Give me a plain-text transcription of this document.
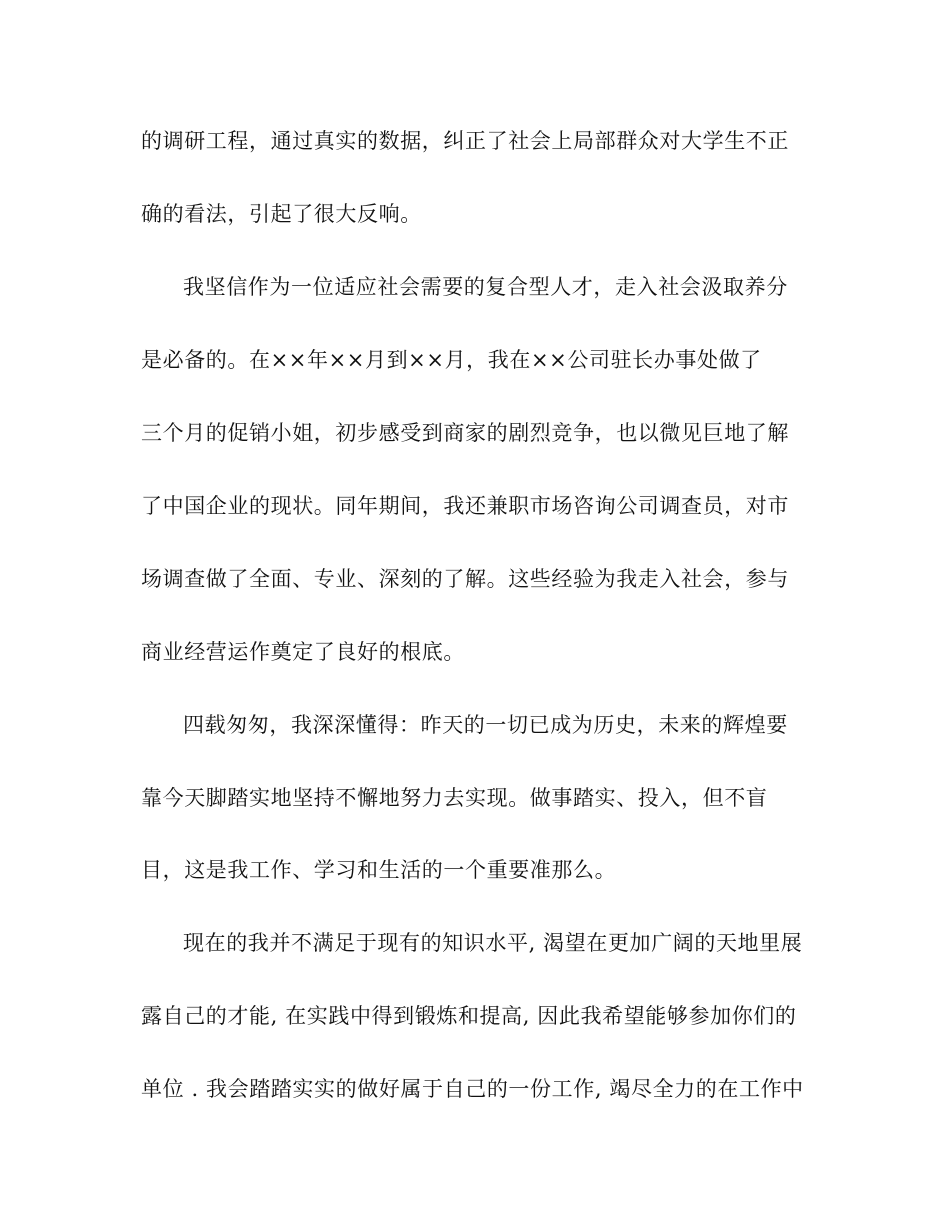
的调研工程，通过真实的数据，纠正了社会上局部群众对大学生不正
确的看法，引起了很大反响。
我坚信作为一位适应社会需要的复合型人才，走入社会汲取养分
是必备的。在××年××月到××月，我在××公司驻长办事处做了
三个月的促销小姐，初步感受到商家的剧烈竞争，也以微见巨地了解
了中国企业的现状。同年期间，我还兼职市场咨询公司调查员，对市
场调查做了全面、专业、深刻的了解。这些经验为我走入社会，参与
商业经营运作奠定了良好的根底。
四载匆匆，我深深懂得：昨天的一切已成为历史，未来的辉煌要
靠今天脚踏实地坚持不懈地努力去实现。做事踏实、投入，但不盲
目，这是我工作、学习和生活的一个重要准那么。
现在的我并不满足于现有的知识水平, 渴望在更加广阔的天地里展
露自己的才能, 在实践中得到锻炼和提高, 因此我希望能够参加你们的
单位 . 我会踏踏实实的做好属于自己的一份工作, 竭尽全力的在工作中
